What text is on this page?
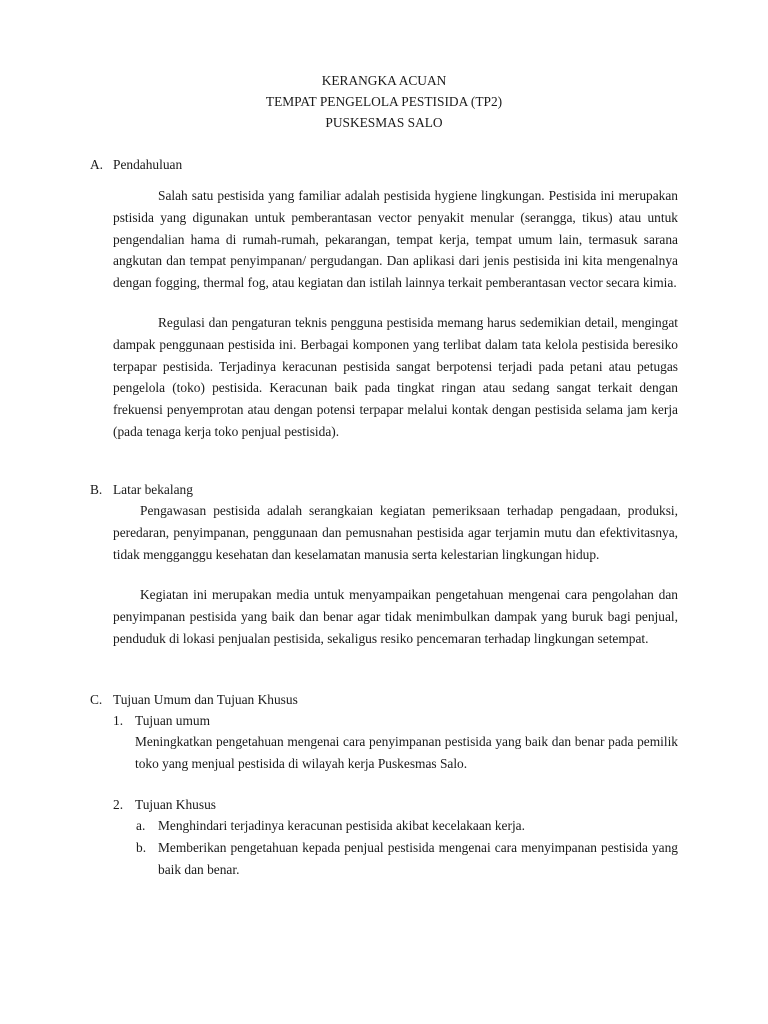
KERANGKA ACUAN
TEMPAT PENGELOLA PESTISIDA (TP2)
PUSKESMAS SALO
A. Pendahuluan

Salah satu pestisida yang familiar adalah pestisida hygiene lingkungan. Pestisida ini merupakan pstisida yang digunakan untuk pemberantasan vector penyakit menular (serangga, tikus) atau untuk pengendalian hama di rumah-rumah, pekarangan, tempat kerja, tempat umum lain, termasuk sarana angkutan dan tempat penyimpanan/ pergudangan. Dan aplikasi dari jenis pestisida ini kita mengenalnya dengan fogging, thermal fog, atau kegiatan dan istilah lainnya terkait pemberantasan vector secara kimia.

Regulasi dan pengaturan teknis pengguna pestisida memang harus sedemikian detail, mengingat dampak penggunaan pestisida ini. Berbagai komponen yang terlibat dalam tata kelola pestisida beresiko terpapar pestisida. Terjadinya keracunan pestisida sangat berpotensi terjadi pada petani atau petugas pengelola (toko) pestisida. Keracunan baik pada tingkat ringan atau sedang sangat terkait dengan frekuensi penyemprotan atau dengan potensi terpapar melalui kontak dengan pestisida selama jam kerja (pada tenaga kerja toko penjual pestisida).

B. Latar bekalang

Pengawasan pestisida adalah serangkaian kegiatan pemeriksaan terhadap pengadaan, produksi, peredaran, penyimpanan, penggunaan dan pemusnahan pestisida agar terjamin mutu dan efektivitasnya, tidak mengganggu kesehatan dan keselamatan manusia serta kelestarian lingkungan hidup.

Kegiatan ini merupakan media untuk menyampaikan pengetahuan mengenai cara pengolahan dan penyimpanan pestisida yang baik dan benar agar tidak menimbulkan dampak yang buruk bagi penjual, penduduk di lokasi penjualan pestisida, sekaligus resiko pencemaran terhadap lingkungan setempat.

C. Tujuan Umum dan Tujuan Khusus
1. Tujuan umum

Meningkatkan pengetahuan mengenai cara penyimpanan pestisida yang baik dan benar pada pemilik toko yang menjual pestisida di wilayah kerja Puskesmas Salo.

2. Tujuan Khusus
a. Menghindari terjadinya keracunan pestisida akibat kecelakaan kerja.
b. Memberikan pengetahuan kepada penjual pestisida mengenai cara menyimpanan pestisida yang baik dan benar.
